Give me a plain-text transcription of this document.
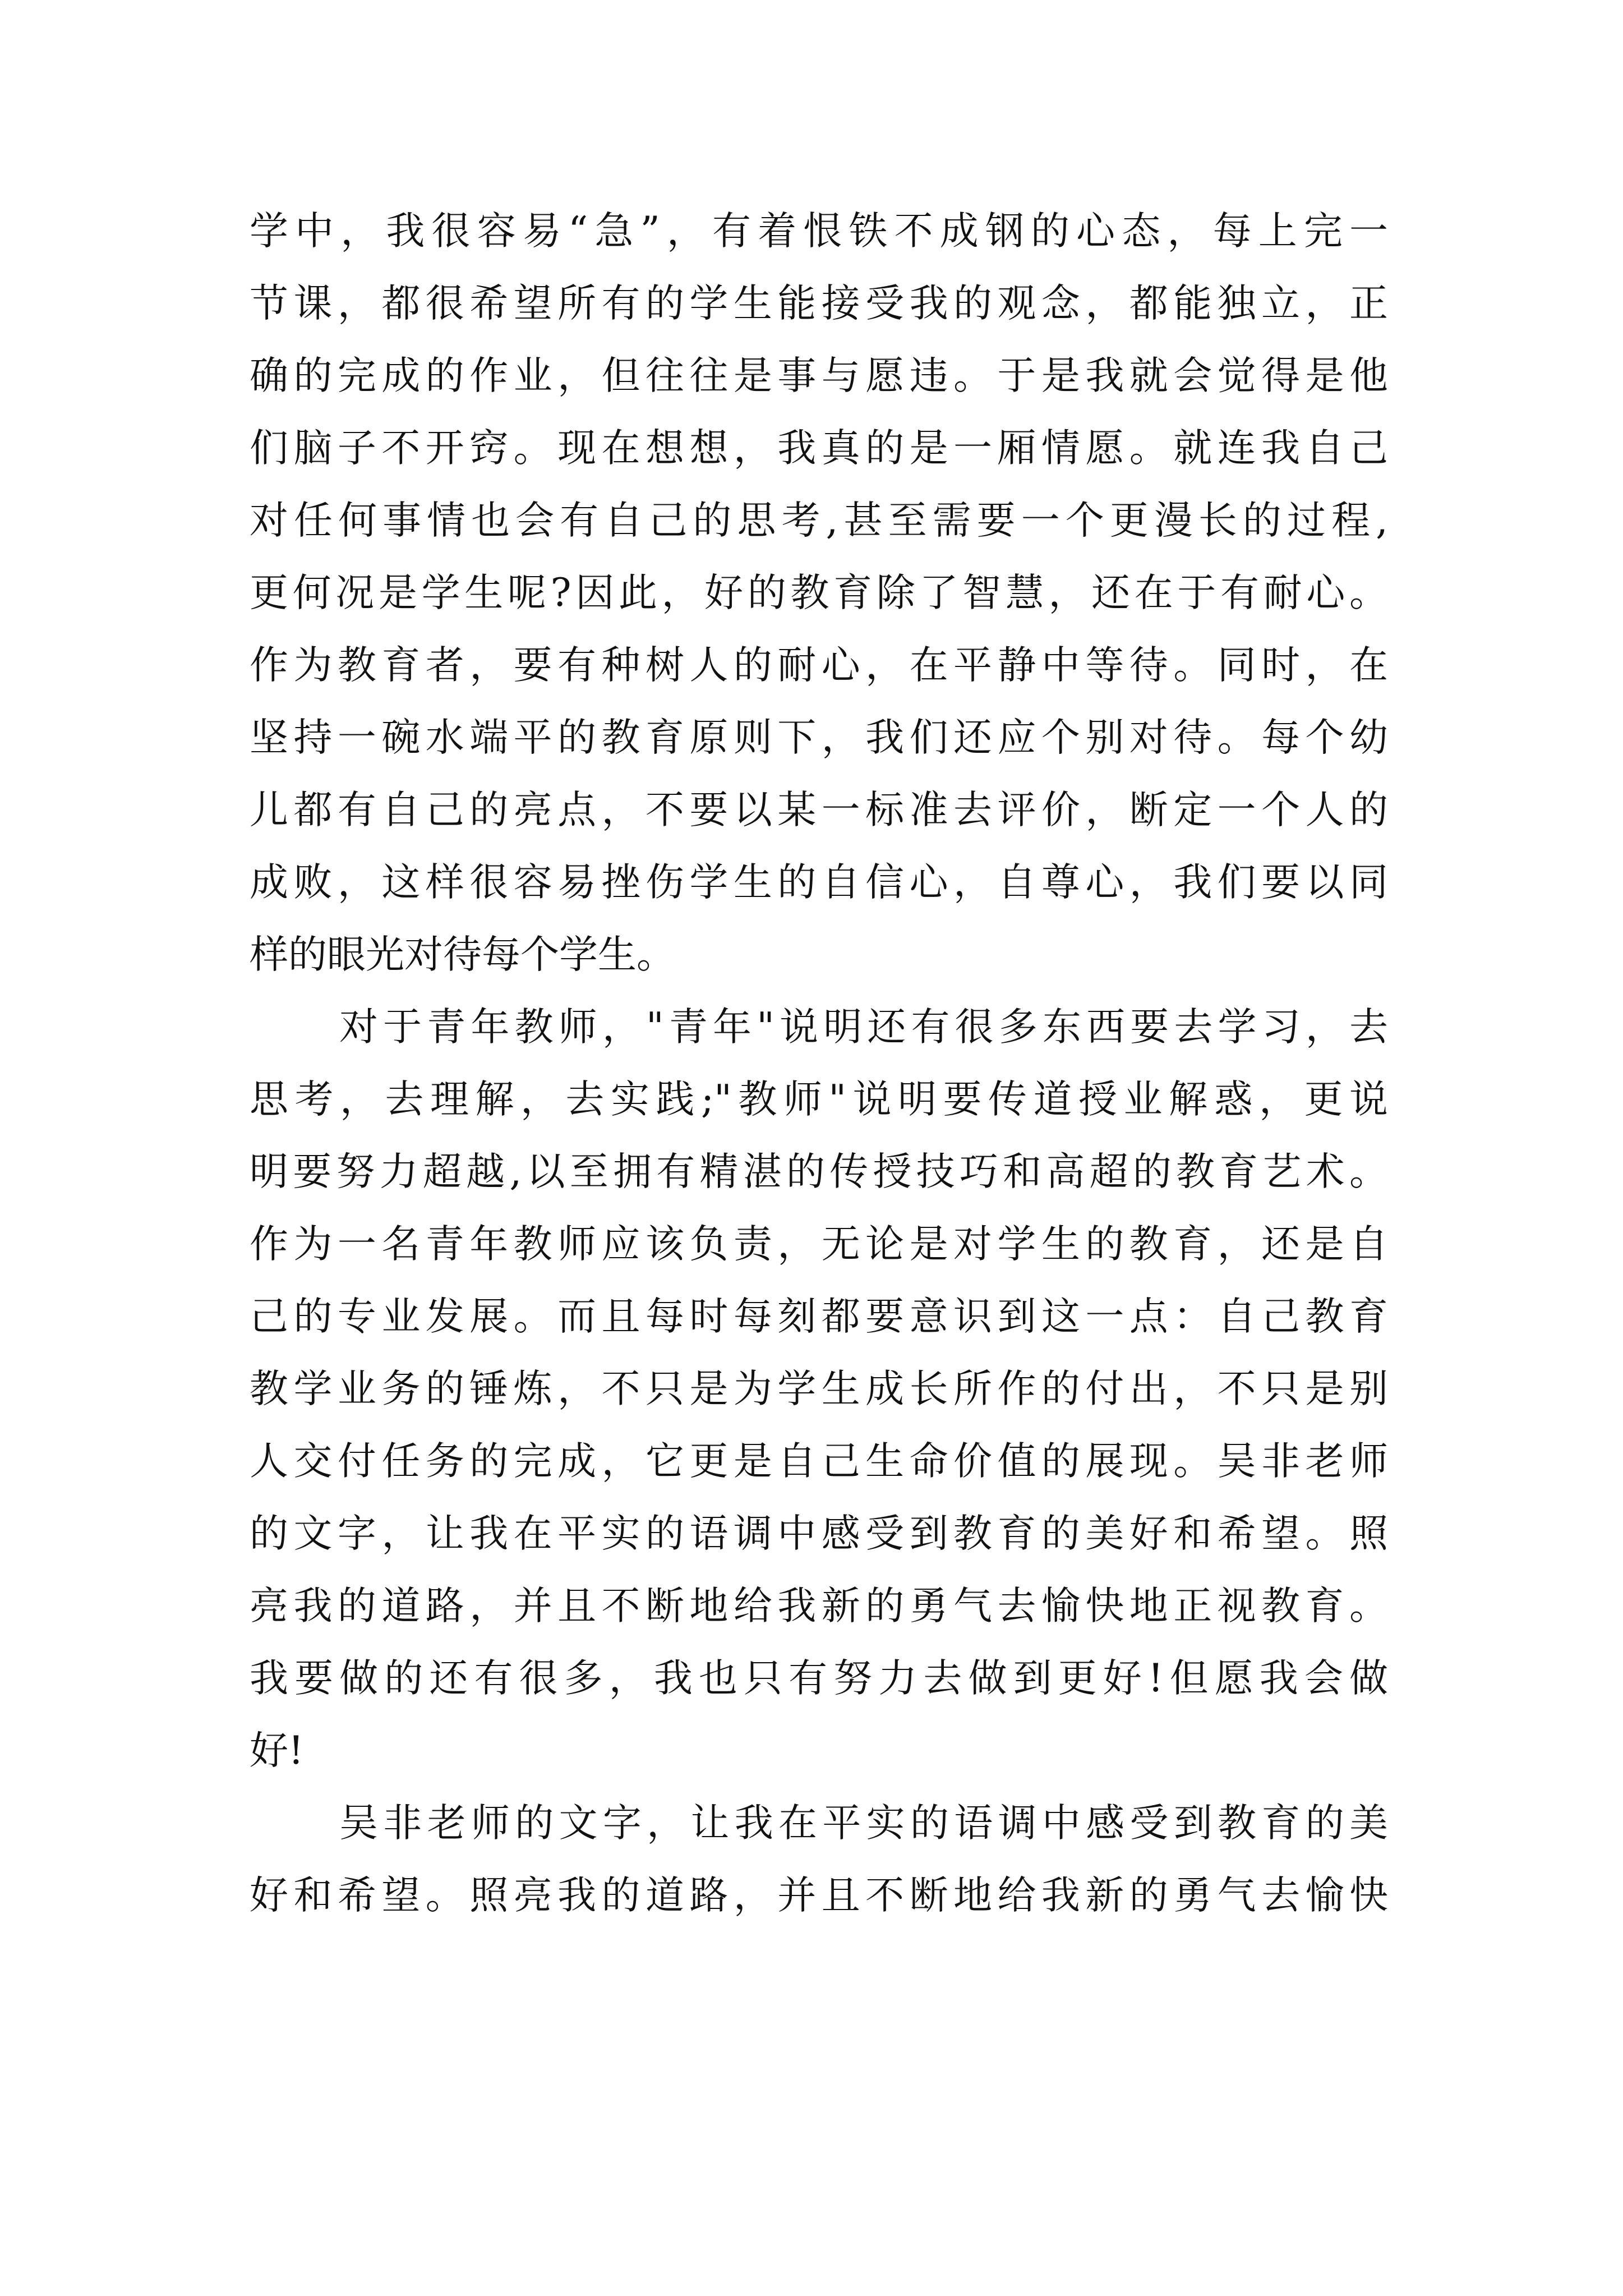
学中，我很容易“急”，有着恨铁不成钢的心态，每上完一
节课，都很希望所有的学生能接受我的观念，都能独立，正
确的完成的作业，但往往是事与愿违。于是我就会觉得是他
们脑子不开窍。现在想想，我真的是一厢情愿。就连我自己
对任何事情也会有自己的思考,甚至需要一个更漫长的过程,
更何况是学生呢?因此，好的教育除了智慧，还在于有耐心。
作为教育者，要有种树人的耐心，在平静中等待。同时，在
坚持一碗水端平的教育原则下，我们还应个别对待。每个幼
儿都有自己的亮点，不要以某一标准去评价，断定一个人的
成败，这样很容易挫伤学生的自信心，自尊心，我们要以同
样的眼光对待每个学生。
对于青年教师，"青年"说明还有很多东西要去学习，去
思考，去理解，去实践;"教师"说明要传道授业解惑，更说
明要努力超越,以至拥有精湛的传授技巧和高超的教育艺术。
作为一名青年教师应该负责，无论是对学生的教育，还是自
己的专业发展。而且每时每刻都要意识到这一点：自己教育
教学业务的锤炼，不只是为学生成长所作的付出，不只是别
人交付任务的完成，它更是自己生命价值的展现。吴非老师
的文字，让我在平实的语调中感受到教育的美好和希望。照
亮我的道路，并且不断地给我新的勇气去愉快地正视教育。
我要做的还有很多，我也只有努力去做到更好!但愿我会做
好!
吴非老师的文字，让我在平实的语调中感受到教育的美
好和希望。照亮我的道路，并且不断地给我新的勇气去愉快
